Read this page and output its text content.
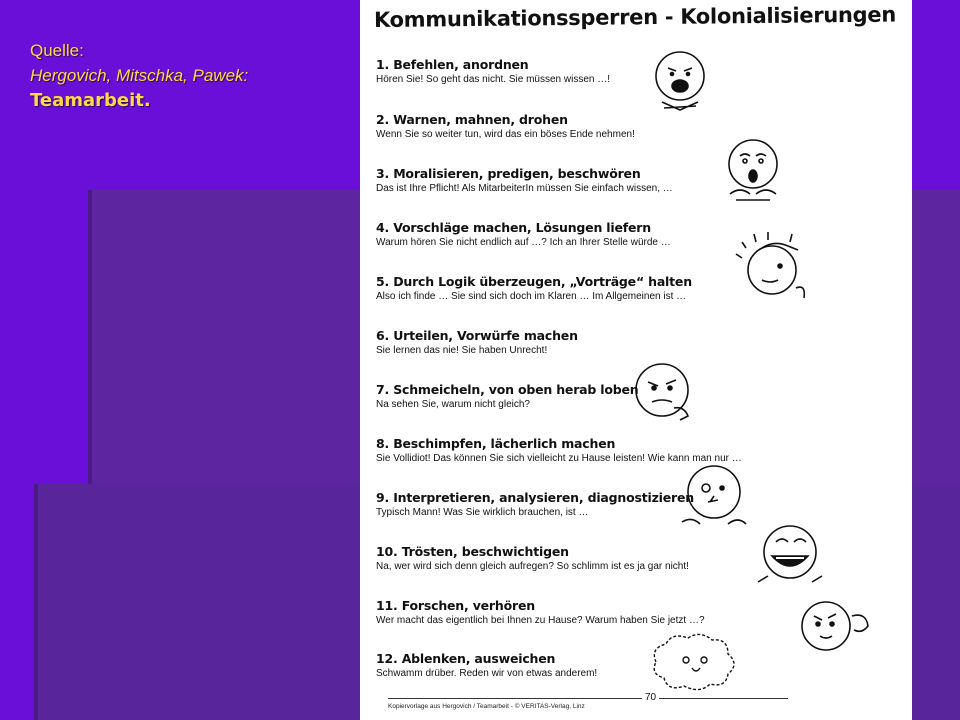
Quelle:
Hergovich, Mitschka, Pawek:
Teamarbeit.
Kommunikationssperren - Kolonialisierungen
1. Befehlen, anordnen
Hören Sie! So geht das nicht. Sie müssen wissen …!
2. Warnen, mahnen, drohen
Wenn Sie so weiter tun, wird das ein böses Ende nehmen!
3. Moralisieren, predigen, beschwören
Das ist Ihre Pflicht! Als MitarbeiterIn müssen Sie einfach wissen, …
4. Vorschläge machen, Lösungen liefern
Warum hören Sie nicht endlich auf …? Ich an Ihrer Stelle würde …
5. Durch Logik überzeugen, „Vorträge“ halten
Also ich finde … Sie sind sich doch im Klaren … Im Allgemeinen ist …
6. Urteilen, Vorwürfe machen
Sie lernen das nie! Sie haben Unrecht!
7. Schmeicheln, von oben herab loben
Na sehen Sie, warum nicht gleich?
8. Beschimpfen, lächerlich machen
Sie Vollidiot! Das können Sie sich vielleicht zu Hause leisten! Wie kann man nur …
9. Interpretieren, analysieren, diagnostizieren
Typisch Mann! Was Sie wirklich brauchen, ist …
10. Trösten, beschwichtigen
Na, wer wird sich denn gleich aufregen? So schlimm ist es ja gar nicht!
11. Forschen, verhören
Wer macht das eigentlich bei Ihnen zu Hause? Warum haben Sie jetzt …?
12. Ablenken, ausweichen
Schwamm drüber. Reden wir von etwas anderem!
70
Kopiervorlage aus Hergovich / Teamarbeit - © VERITAS-Verlag, Linz
